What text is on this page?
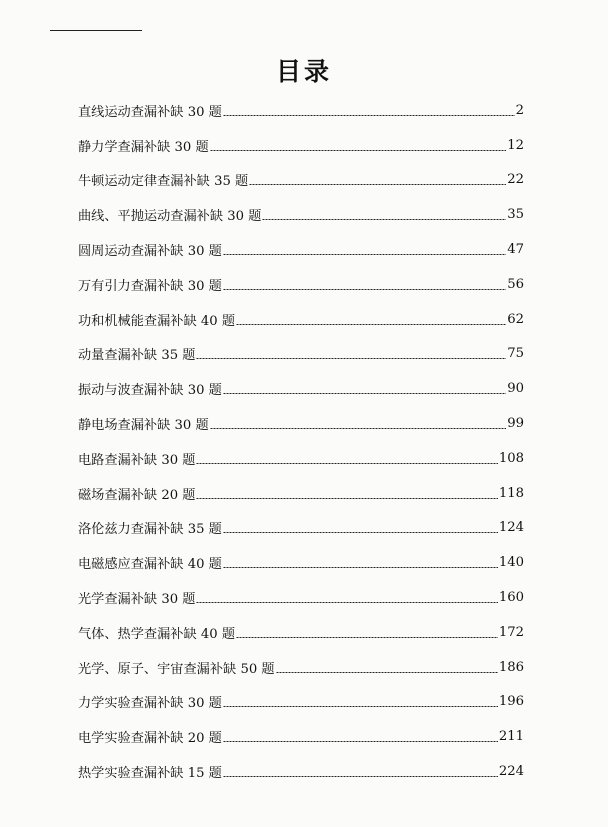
目录
直线运动查漏补缺 30 题	2
静力学查漏补缺 30 题	12
牛顿运动定律查漏补缺 35 题	22
曲线、平抛运动查漏补缺 30 题	35
圆周运动查漏补缺 30 题	47
万有引力查漏补缺 30 题	56
功和机械能查漏补缺 40 题	62
动量查漏补缺 35 题	75
振动与波查漏补缺 30 题	90
静电场查漏补缺 30 题	99
电路查漏补缺 30 题	108
磁场查漏补缺 20 题	118
洛伦兹力查漏补缺 35 题	124
电磁感应查漏补缺 40 题	140
光学查漏补缺 30 题	160
气体、热学查漏补缺 40 题	172
光学、原子、宇宙查漏补缺 50 题	186
力学实验查漏补缺 30 题	196
电学实验查漏补缺 20 题	211
热学实验查漏补缺 15 题	224
